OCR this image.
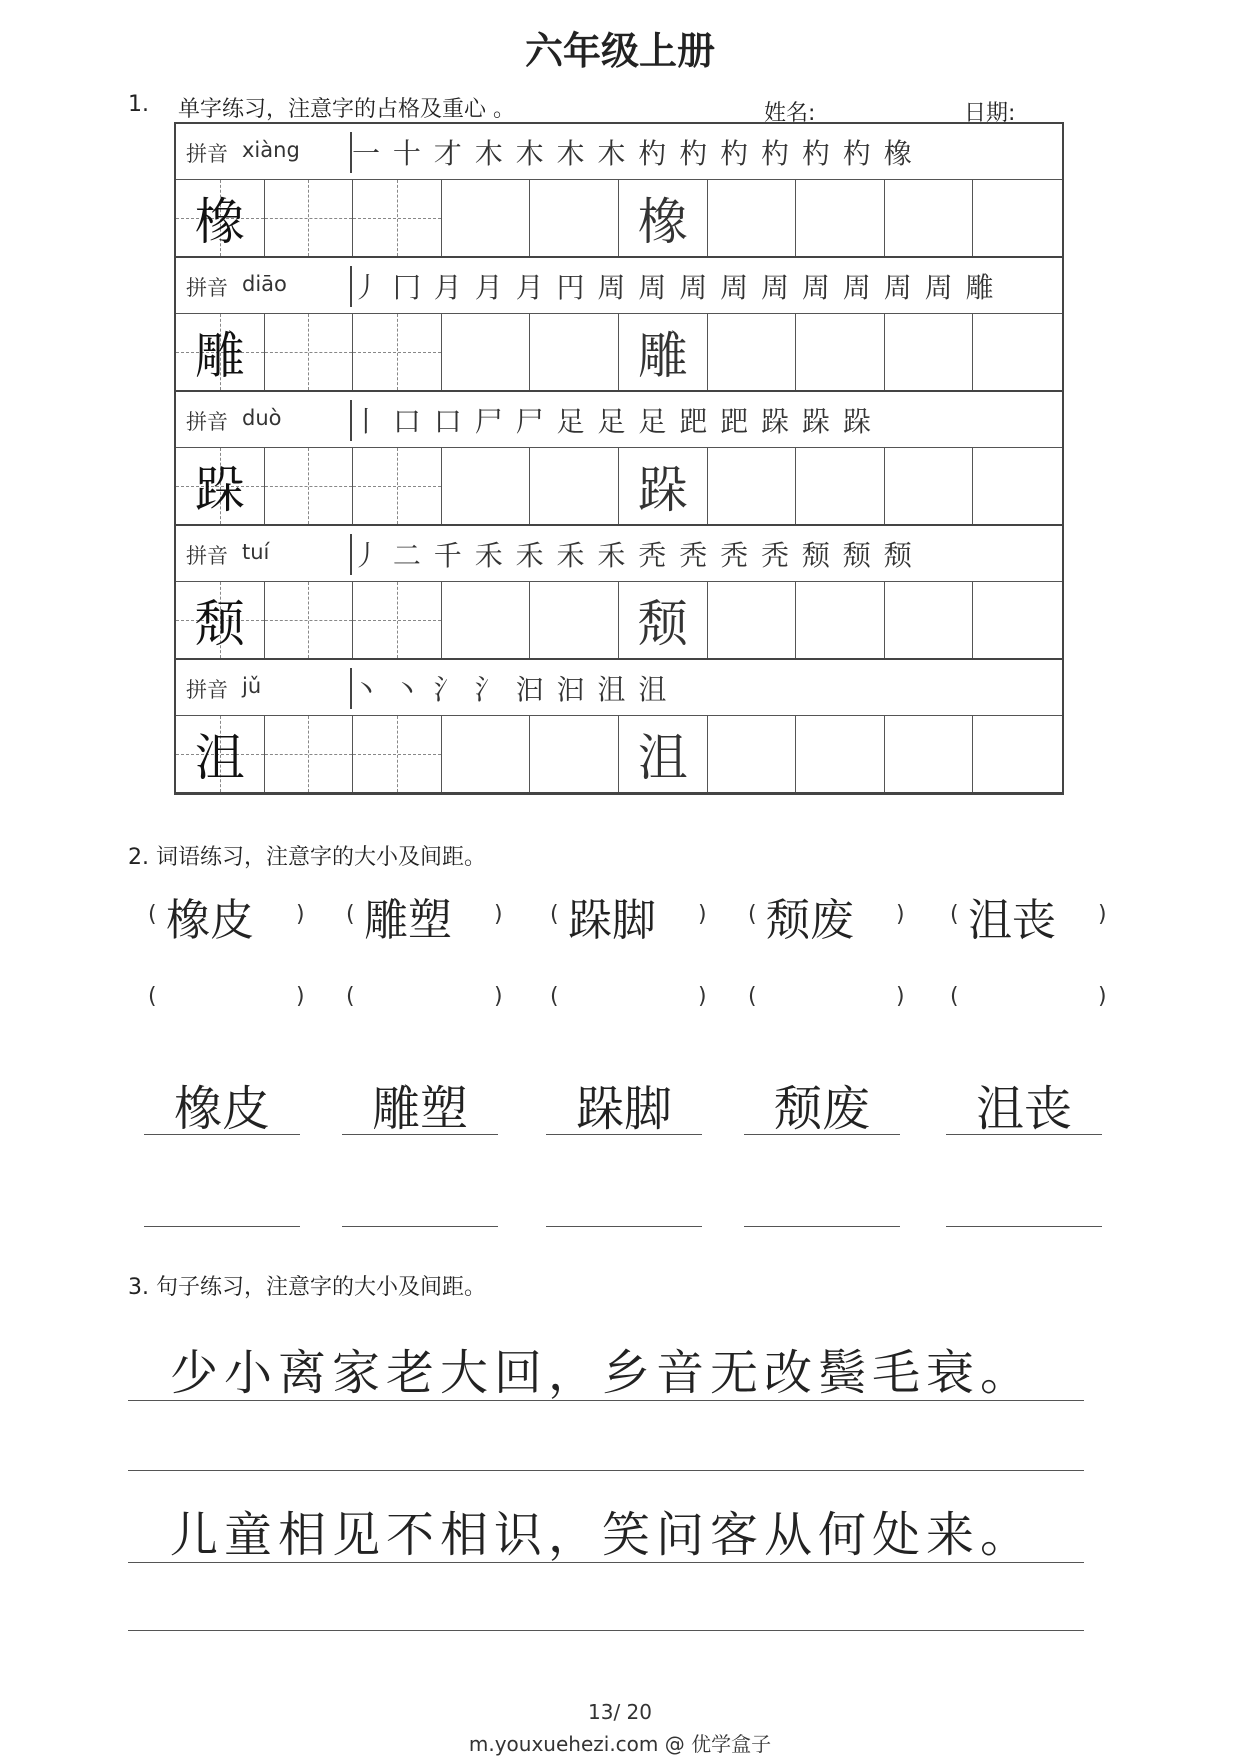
六年级上册
1. 单字练习，注意字的占格及重心 。	姓名:	日期:
拼音 xiàng 一 十 才 木 木 木 木 杓 杓 杓 杓 杓 杓 橡
橡	橡
拼音 diāo 丿 冂 月 月 月 円 周 周 周 周 周 周 周 周 周 雕
雕	雕
拼音 duò	丨 口 口 尸 尸 足 足 足 跁 跁 跺 跺 跺
跺	跺
拼音 tuí	丿 二 千 禾 禾 禾 禾 秃 秃 秃 秃 颓 颓 颓
颓	颓
拼音 jǔ	丶 丶 氵 氵 汩 汩 沮 沮
沮	沮
2. 词语练习，注意字的大小及间距。
( 橡皮 )
(	)
橡皮
( 雕塑 )
(	)
雕塑
( 跺脚 )
(	)
跺脚
( 颓废 )
(	)
颓废
( 沮丧 )
(	)
沮丧
3. 句子练习，注意字的大小及间距。
少小离家老大回，乡音无改鬓毛衰。
儿童相见不相识，笑问客从何处来。
13/ 20
m.youxuehezi.com @ 优学盒子
